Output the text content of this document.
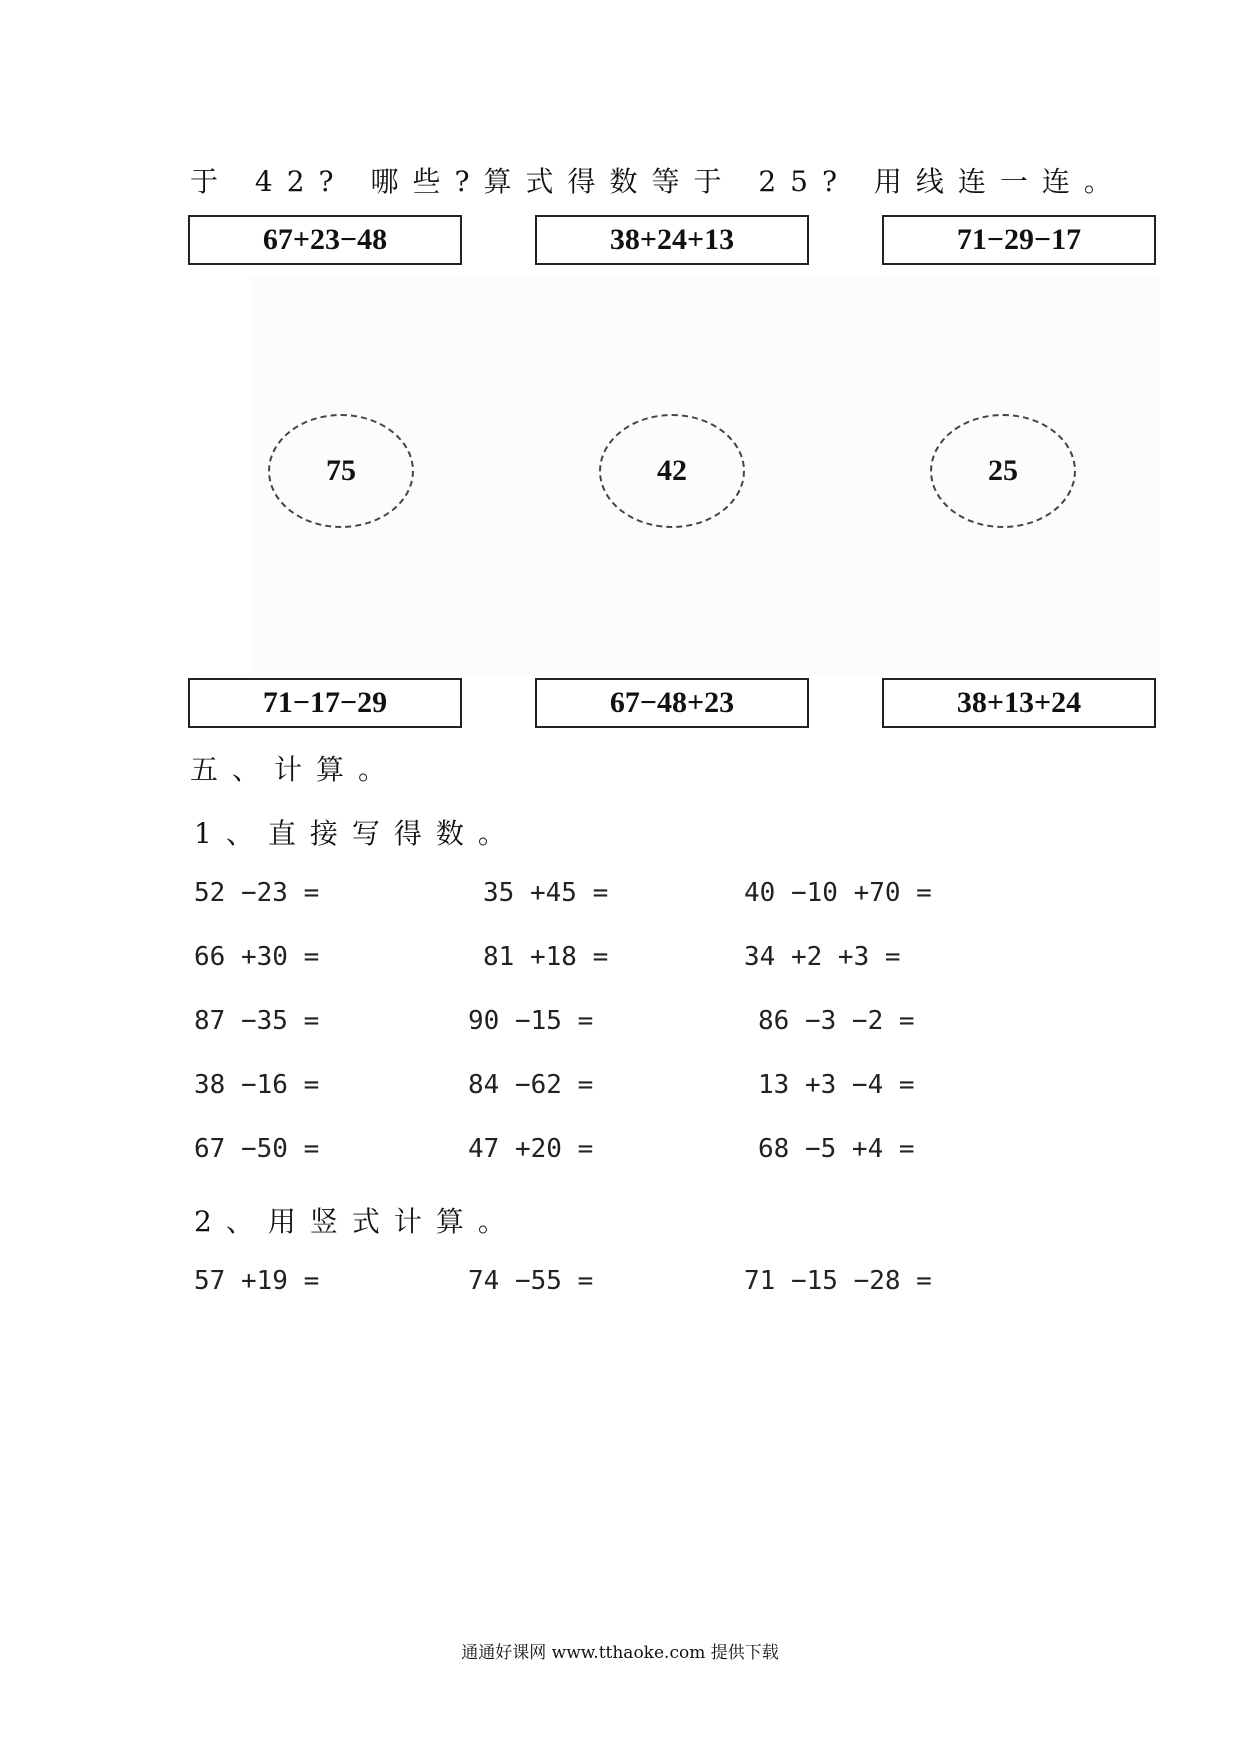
于 42? 哪些?算式得数等于 25? 用线连一连。
67+23−48	38+24+13	71−29−17
75	42	25
71−17−29	67−48+23	38+13+24
五、计算。
1、直接写得数。
52 −23 =	35 +45 =	40 −10 +70 =
66 +30 =	81 +18 =	34 +2 +3 =
87 −35 =	90 −15 =	86 −3 −2 =
38 −16 =	84 −62 =	13 +3 −4 =
67 −50 =	47 +20 =	68 −5 +4 =
2、用竖式计算。
57 +19 =	74 −55 =	71 −15 −28 =
通通好课网 www.tthaoke.com 提供下载
